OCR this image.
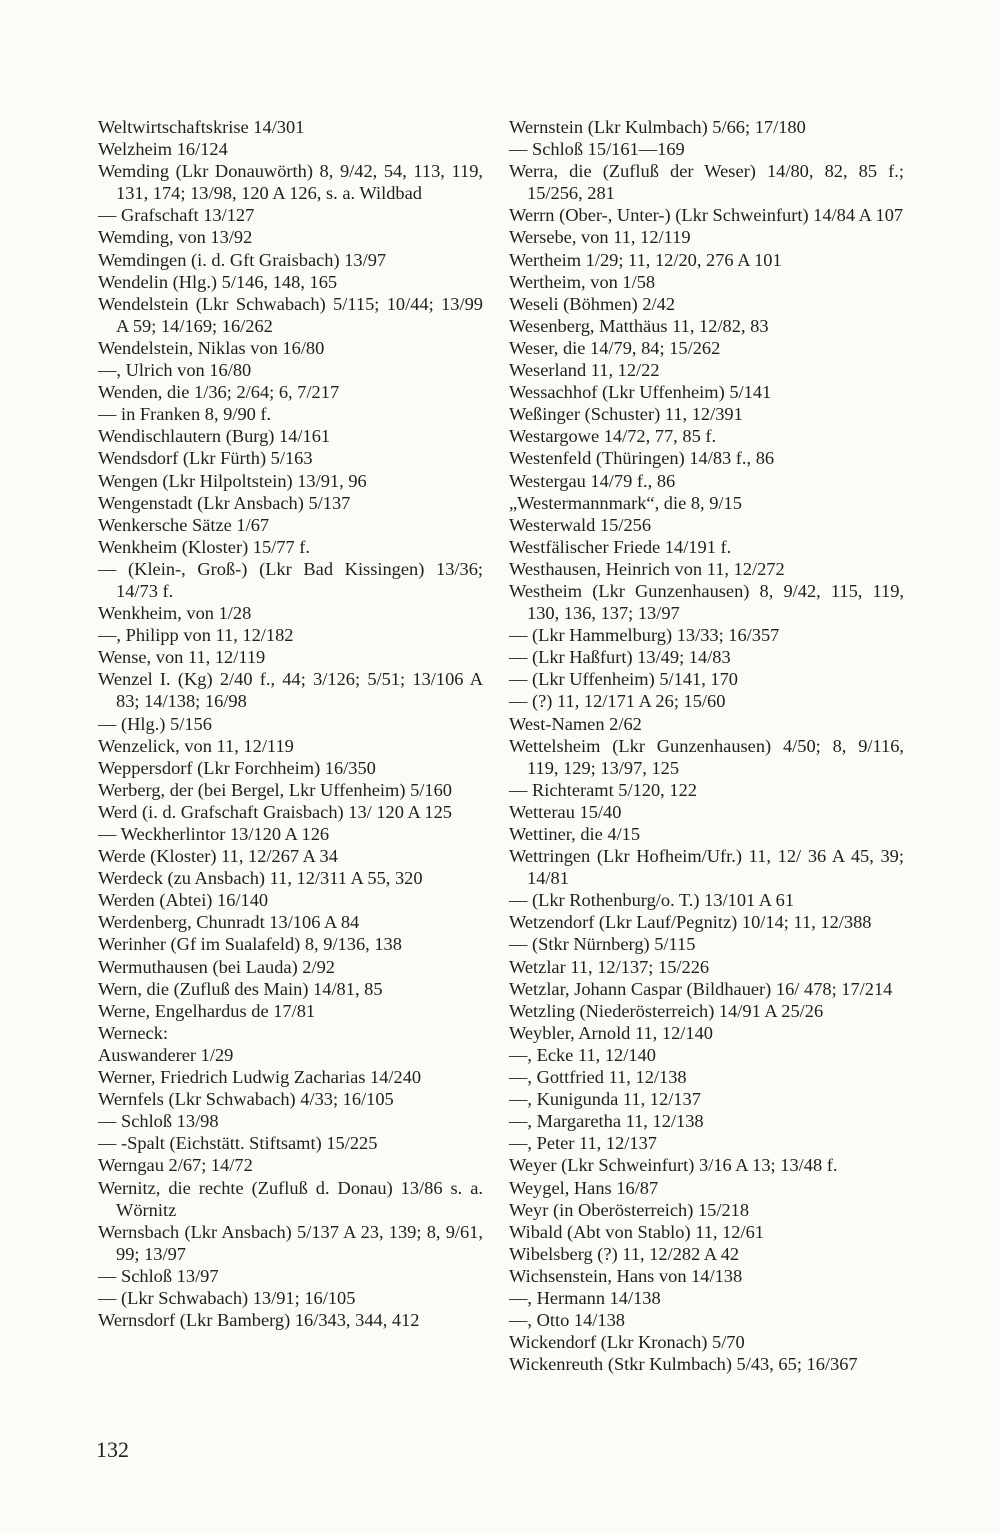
Weltwirtschaftskrise 14/301
Welzheim 16/124
Wemding (Lkr Donauwörth) 8, 9/42, 54, 113, 119, 131, 174; 13/98, 120 A 126, s. a. Wildbad
— Grafschaft 13/127
Wemding, von 13/92
Wemdingen (i. d. Gft Graisbach) 13/97
Wendelin (Hlg.) 5/146, 148, 165
Wendelstein (Lkr Schwabach) 5/115; 10/44; 13/99 A 59; 14/169; 16/262
Wendelstein, Niklas von 16/80
—, Ulrich von 16/80
Wenden, die 1/36; 2/64; 6, 7/217
— in Franken 8, 9/90 f.
Wendischlautern (Burg) 14/161
Wendsdorf (Lkr Fürth) 5/163
Wengen (Lkr Hilpoltstein) 13/91, 96
Wengenstadt (Lkr Ansbach) 5/137
Wenkersche Sätze 1/67
Wenkheim (Kloster) 15/77 f.
— (Klein-, Groß-) (Lkr Bad Kissingen) 13/36; 14/73 f.
Wenkheim, von 1/28
—, Philipp von 11, 12/182
Wense, von 11, 12/119
Wenzel I. (Kg) 2/40 f., 44; 3/126; 5/51; 13/106 A 83; 14/138; 16/98
— (Hlg.) 5/156
Wenzelick, von 11, 12/119
Weppersdorf (Lkr Forchheim) 16/350
Werberg, der (bei Bergel, Lkr Uffenheim) 5/160
Werd (i. d. Grafschaft Graisbach) 13/ 120 A 125
— Weckherlintor 13/120 A 126
Werde (Kloster) 11, 12/267 A 34
Werdeck (zu Ansbach) 11, 12/311 A 55, 320
Werden (Abtei) 16/140
Werdenberg, Chunradt 13/106 A 84
Werinher (Gf im Sualafeld) 8, 9/136, 138
Wermuthausen (bei Lauda) 2/92
Wern, die (Zufluß des Main) 14/81, 85
Werne, Engelhardus de 17/81
Werneck:
Auswanderer 1/29
Werner, Friedrich Ludwig Zacharias 14/240
Wernfels (Lkr Schwabach) 4/33; 16/105
— Schloß 13/98
— -Spalt (Eichstätt. Stiftsamt) 15/225
Werngau 2/67; 14/72
Wernitz, die rechte (Zufluß d. Donau) 13/86 s. a. Wörnitz
Wernsbach (Lkr Ansbach) 5/137 A 23, 139; 8, 9/61, 99; 13/97
— Schloß 13/97
— (Lkr Schwabach) 13/91; 16/105
Wernsdorf (Lkr Bamberg) 16/343, 344, 412
Wernstein (Lkr Kulmbach) 5/66; 17/180
— Schloß 15/161—169
Werra, die (Zufluß der Weser) 14/80, 82, 85 f.; 15/256, 281
Werrn (Ober-, Unter-) (Lkr Schweinfurt) 14/84 A 107
Wersebe, von 11, 12/119
Wertheim 1/29; 11, 12/20, 276 A 101
Wertheim, von 1/58
Weseli (Böhmen) 2/42
Wesenberg, Matthäus 11, 12/82, 83
Weser, die 14/79, 84; 15/262
Weserland 11, 12/22
Wessachhof (Lkr Uffenheim) 5/141
Weßinger (Schuster) 11, 12/391
Westargowe 14/72, 77, 85 f.
Westenfeld (Thüringen) 14/83 f., 86
Westergau 14/79 f., 86
„Westermannmark“, die 8, 9/15
Westerwald 15/256
Westfälischer Friede 14/191 f.
Westhausen, Heinrich von 11, 12/272
Westheim (Lkr Gunzenhausen) 8, 9/42, 115, 119, 130, 136, 137; 13/97
— (Lkr Hammelburg) 13/33; 16/357
— (Lkr Haßfurt) 13/49; 14/83
— (Lkr Uffenheim) 5/141, 170
— (?) 11, 12/171 A 26; 15/60
West-Namen 2/62
Wettelsheim (Lkr Gunzenhausen) 4/50; 8, 9/116, 119, 129; 13/97, 125
— Richteramt 5/120, 122
Wetterau 15/40
Wettiner, die 4/15
Wettringen (Lkr Hofheim/Ufr.) 11, 12/ 36 A 45, 39; 14/81
— (Lkr Rothenburg/o. T.) 13/101 A 61
Wetzendorf (Lkr Lauf/Pegnitz) 10/14; 11, 12/388
— (Stkr Nürnberg) 5/115
Wetzlar 11, 12/137; 15/226
Wetzlar, Johann Caspar (Bildhauer) 16/ 478; 17/214
Wetzling (Niederösterreich) 14/91 A 25/26
Weybler, Arnold 11, 12/140
—, Ecke 11, 12/140
—, Gottfried 11, 12/138
—, Kunigunda 11, 12/137
—, Margaretha 11, 12/138
—, Peter 11, 12/137
Weyer (Lkr Schweinfurt) 3/16 A 13; 13/48 f.
Weygel, Hans 16/87
Weyr (in Oberösterreich) 15/218
Wibald (Abt von Stablo) 11, 12/61
Wibelsberg (?) 11, 12/282 A 42
Wichsenstein, Hans von 14/138
—, Hermann 14/138
—, Otto 14/138
Wickendorf (Lkr Kronach) 5/70
Wickenreuth (Stkr Kulmbach) 5/43, 65; 16/367
132
